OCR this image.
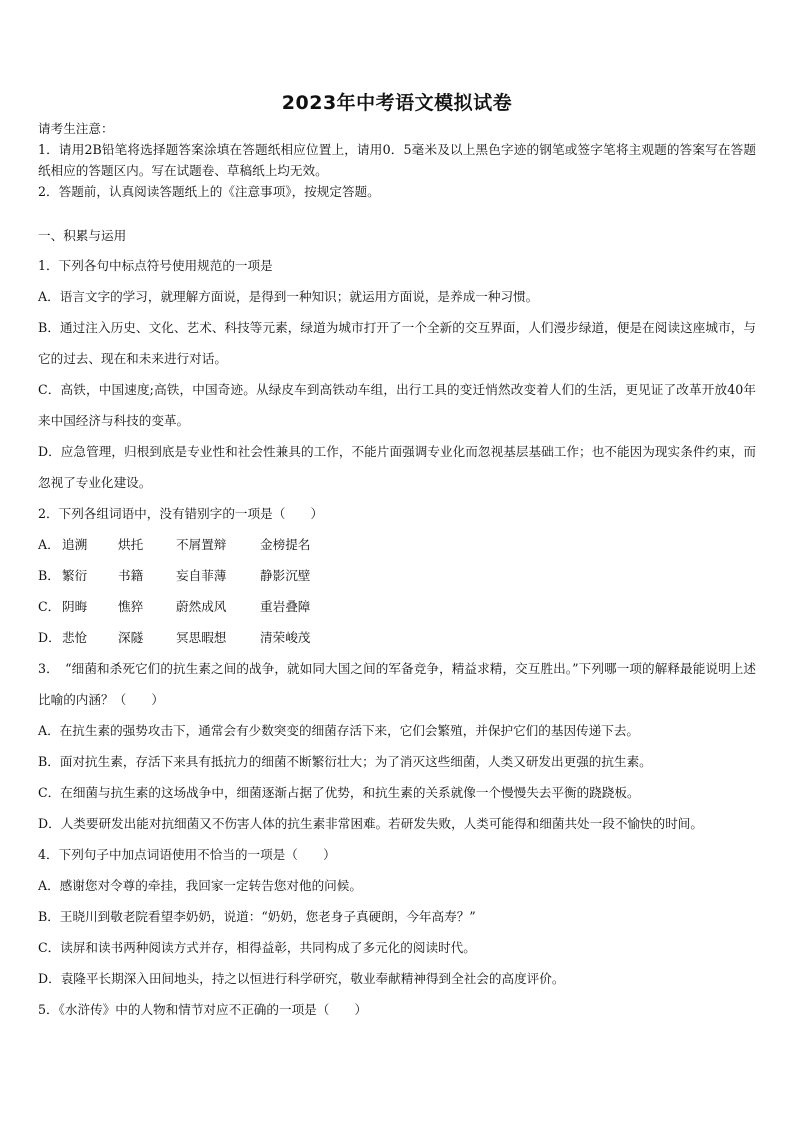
2023年中考语文模拟试卷

请考生注意：

1．请用2B铅笔将选择题答案涂填在答题纸相应位置上，请用0．5毫米及以上黑色字迹的钢笔或签字笔将主观题的答案写在答题纸相应的答题区内。写在试题卷、草稿纸上均无效。

2．答题前，认真阅读答题纸上的《注意事项》，按规定答题。

一、积累与运用

1．下列各句中标点符号使用规范的一项是

A．语言文字的学习，就理解方面说，是得到一种知识；就运用方面说，是养成一种习惯。

B．通过注入历史、文化、艺术、科技等元素，绿道为城市打开了一个全新的交互界面，人们漫步绿道，便是在阅读这座城市，与它的过去、现在和未来进行对话。

C．高铁，中国速度;高铁，中国奇迹。从绿皮车到高铁动车组，出行工具的变迁悄然改变着人们的生活，更见证了改革开放40年来中国经济与科技的变革。

D．应急管理，归根到底是专业性和社会性兼具的工作，不能片面强调专业化而忽视基层基础工作；也不能因为现实条件约束，而忽视了专业化建设。

2．下列各组词语中，没有错别字的一项是（　　）

A． 追溯	烘托	不屑置辩	金榜提名
B． 繁衍	书籍	妄自菲薄	静影沉壁
C． 阴晦	憔猝	蔚然成风	重岩叠障
D． 悲怆	深隧	冥思暇想	清荣峻茂

3．　“细菌和杀死它们的抗生素之间的战争，就如同大国之间的军备竞争，精益求精，交互胜出。”下列哪一项的解释最能说明上述比喻的内涵？（　　）

A．在抗生素的强势攻击下，通常会有少数突变的细菌存活下来，它们会繁殖，并保护它们的基因传递下去。

B．面对抗生素，存活下来具有抵抗力的细菌不断繁衍壮大；为了消灭这些细菌，人类又研发出更强的抗生素。

C．在细菌与抗生素的这场战争中，细菌逐渐占据了优势，和抗生素的关系就像一个慢慢失去平衡的跷跷板。

D．人类要研发出能对抗细菌又不伤害人体的抗生素非常困难。若研发失败，人类可能得和细菌共处一段不愉快的时间。

4．下列句子中加点词语使用不恰当的一项是（　　）

A．感谢您对令尊的牵挂，我回家一定转告您对他的问候。

B．王晓川到敬老院看望李奶奶，说道：“奶奶，您老身子真硬朗，今年高寿？”

C．读屏和读书两种阅读方式并存，相得益彰，共同构成了多元化的阅读时代。

D．袁隆平长期深入田间地头，持之以恒进行科学研究，敬业奉献精神得到全社会的高度评价。

5．《水浒传》中的人物和情节对应不正确的一项是（　　）
